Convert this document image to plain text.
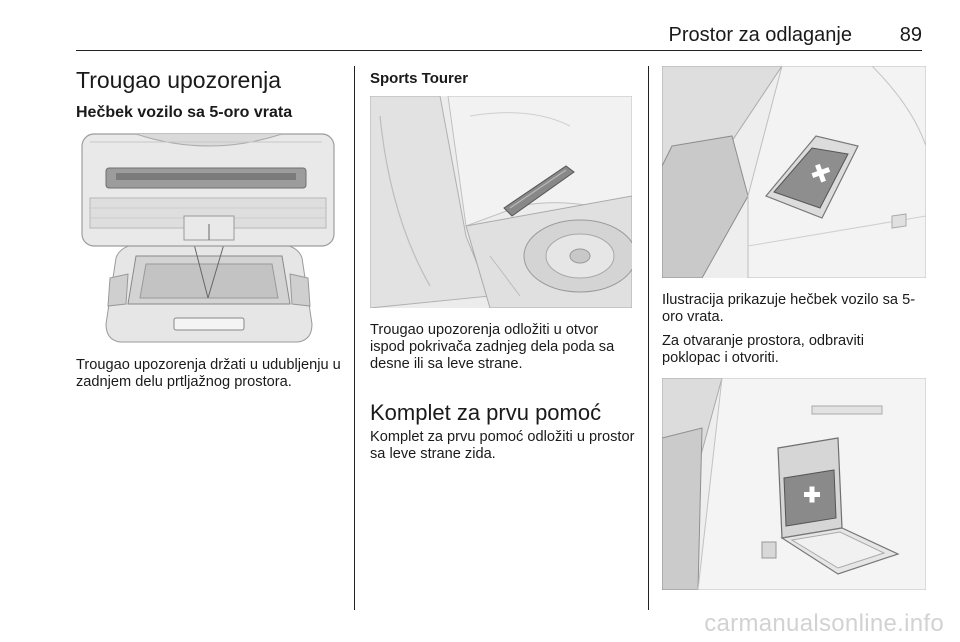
Prostor za odlaganje 89
Trougao upozorenja
Hečbek vozilo sa 5-oro vrata

Trougao upozorenja držati u udubljenju u zadnjem delu prtljažnog prostora.

Sports Tourer

Trougao upozorenja odložiti u otvor ispod pokrivača zadnjeg dela poda sa desne ili sa leve strane.

Komplet za prvu pomoć

Komplet za prvu pomoć odložiti u prostor sa leve strane zida.

Ilustracija prikazuje hečbek vozilo sa 5-oro vrata.

Za otvaranje prostora, odbraviti poklopac i otvoriti.

carmanualsonline.info
